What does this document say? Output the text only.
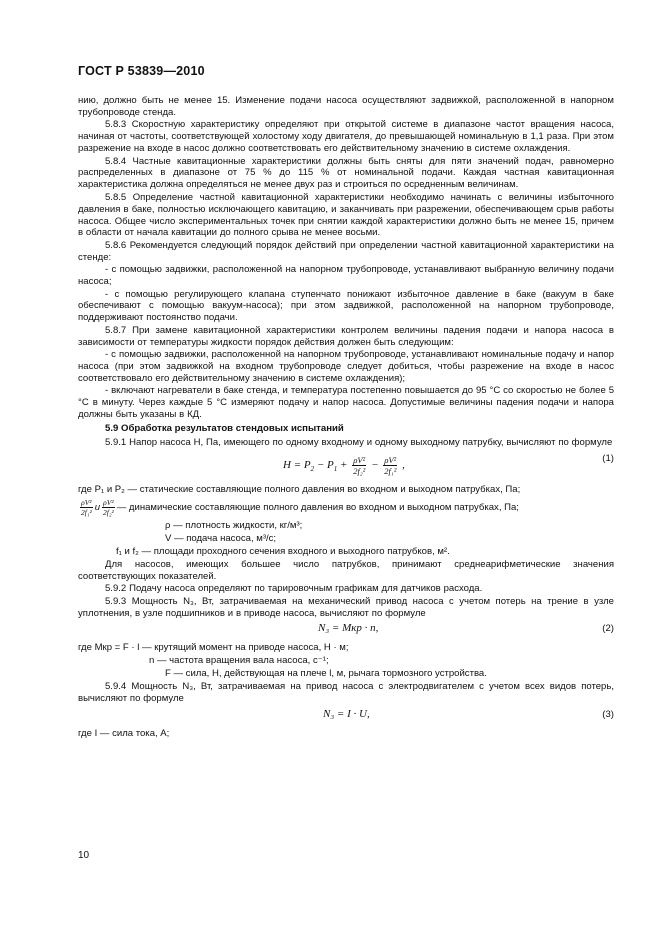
ГОСТ Р 53839—2010
нию, должно быть не менее 15. Изменение подачи насоса осуществляют задвижкой, расположенной в напорном трубопроводе стенда.
5.8.3 Скоростную характеристику определяют при открытой системе в диапазоне частот вращения насоса, начиная от частоты, соответствующей холостому ходу двигателя, до превышающей номинальную в 1,1 раза. При этом разрежение на входе в насос должно соответствовать его действительному значению в системе охлаждения.
5.8.4 Частные кавитационные характеристики должны быть сняты для пяти значений подач, равномерно распределенных в диапазоне от 75 % до 115 % от номинальной подачи. Каждая частная кавитационная характеристика должна определяться не менее двух раз и строиться по осредненным величинам.
5.8.5 Определение частной кавитационной характеристики необходимо начинать с величины избыточного давления в баке, полностью исключающего кавитацию, и заканчивать при разрежении, обеспечивающем срыв работы насоса. Общее число экспериментальных точек при снятии каждой характеристики должно быть не менее 15, причем в области от начала кавитации до полного срыва не менее восьми.
5.8.6 Рекомендуется следующий порядок действий при определении частной кавитационной характеристики на стенде:
- с помощью задвижки, расположенной на напорном трубопроводе, устанавливают выбранную величину подачи насоса;
- с помощью регулирующего клапана ступенчато понижают избыточное давление в баке (вакуум в баке обеспечивают с помощью вакуум-насоса); при этом задвижкой, расположенной на напорном трубопроводе, поддерживают постоянство подачи.
5.8.7 При замене кавитационной характеристики контролем величины падения подачи и напора насоса в зависимости от температуры жидкости порядок действия должен быть следующим:
- с помощью задвижки, расположенной на напорном трубопроводе, устанавливают номинальные подачу и напор насоса (при этом задвижкой на входном трубопроводе следует добиться, чтобы разрежение на входе в насос соответствовало его действительному значению в системе охлаждения);
- включают нагреватели в баке стенда, и температура постепенно повышается до 95 °С со скоростью не более 5 °С в минуту. Через каждые 5 °С измеряют подачу и напор насоса. Допустимые величины падения подачи и напора должны быть указаны в КД.
5.9 Обработка результатов стендовых испытаний
5.9.1 Напор насоса H, Па, имеющего по одному входному и одному выходному патрубку, вычисляют по формуле
$H = P_2 - P_1 + \frac{\text{ρV²}}{\text{2f₂²}} - \frac{\text{ρV²}}{\text{2f₁²}}$ ,
(1)
где P₁ и P₂ — статические составляющие полного давления во входном и выходном патрубках, Па;
$\frac{\text{ρV²}}{\text{2f₁²}}$ и $\frac{\text{ρV²}}{\text{2f₂²}}$ — динамические составляющие полного давления во входном и выходном патрубках, Па;
ρ — плотность жидкости, кг/м³;
V — подача насоса, м³/с;
f₁ и f₂ — площади проходного сечения входного и выходного патрубков, м².
Для насосов, имеющих большее число патрубков, принимают среднеарифметические значения соответствующих показателей.
5.9.2 Подачу насоса определяют по тарировочным графикам для датчиков расхода.
5.9.3 Мощность N₃, Вт, затрачиваемая на механический привод насоса с учетом потерь на трение в узле уплотнения, в узле подшипников и в приводе насоса, вычисляют по формуле
N₃ = Mкр · n,	(2)
где Mкр = F · l — крутящий момент на приводе насоса, Н · м;
n — частота вращения вала насоса, с⁻¹;
F — сила, Н, действующая на плече l, м, рычага тормозного устройства.
5.9.4 Мощность N₃, Вт, затрачиваемая на привод насоса с электродвигателем с учетом всех видов потерь, вычисляют по формуле
N₃ = I · U,	(3)
где I — сила тока, А;
10
